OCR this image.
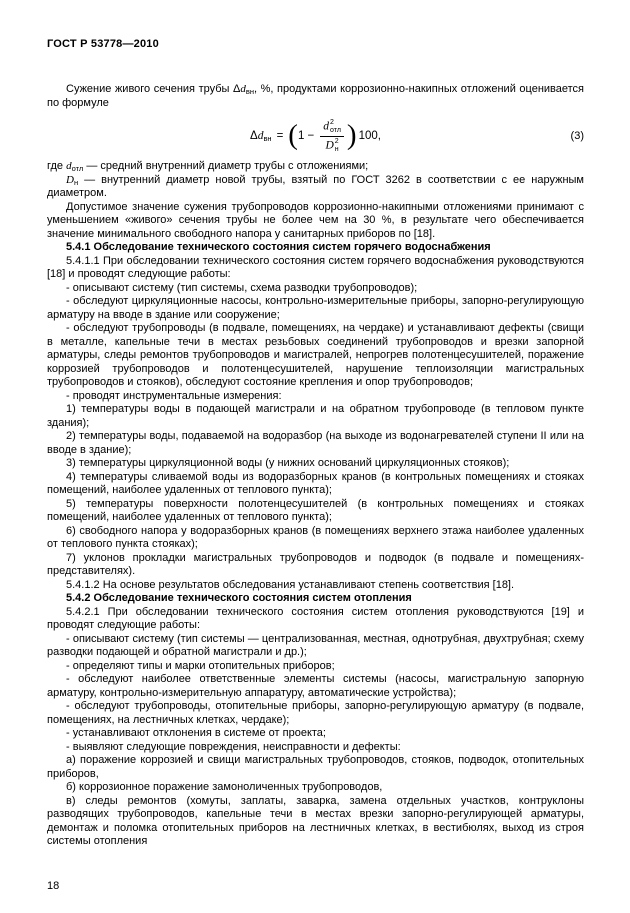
ГОСТ Р 53778—2010

Сужение живого сечения трубы $\Delta d_{вн}$, %, продуктами коррозионно-накипных отложений оценивается по формуле

$\Delta d_{вн}$ = ( 1 − d 2
отл
D 2
н ) 100,	(3)

где $d_{отл}$ — средний внутренний диаметр трубы с отложениями;

$D_н$ — внутренний диаметр новой трубы, взятый по ГОСТ 3262 в соответствии с ее наружным диаметром.

Допустимое значение сужения трубопроводов коррозионно-накипными отложениями принимают с уменьшением «живого» сечения трубы не более чем на 30 %, в результате чего обеспечивается значение минимального свободного напора у санитарных приборов по [18].

5.4.1 Обследование технического состояния систем горячего водоснабжения

5.4.1.1 При обследовании технического состояния систем горячего водоснабжения руководствуются [18] и проводят следующие работы:

- описывают систему (тип системы, схема разводки трубопроводов);

- обследуют циркуляционные насосы, контрольно-измерительные приборы, запорно-регулирующую арматуру на вводе в здание или сооружение;

- обследуют трубопроводы (в подвале, помещениях, на чердаке) и устанавливают дефекты (свищи в металле, капельные течи в местах резьбовых соединений трубопроводов и врезки запорной арматуры, следы ремонтов трубопроводов и магистралей, непрогрев полотенцесушителей, поражение коррозией трубопроводов и полотенцесушителей, нарушение теплоизоляции магистральных трубопроводов и стояков), обследуют состояние крепления и опор трубопроводов;

- проводят инструментальные измерения:

1) температуры воды в подающей магистрали и на обратном трубопроводе (в тепловом пункте здания);

2) температуры воды, подаваемой на водоразбор (на выходе из водонагревателей ступени II или на вводе в здание);

3) температуры циркуляционной воды (у нижних оснований циркуляционных стояков);

4) температуры сливаемой воды из водоразборных кранов (в контрольных помещениях и стояках помещений, наиболее удаленных от теплового пункта);

5) температуры поверхности полотенцесушителей (в контрольных помещениях и стояках помещений, наиболее удаленных от теплового пункта);

6) свободного напора у водоразборных кранов (в помещениях верхнего этажа наиболее удаленных от теплового пункта стояках);

7) уклонов прокладки магистральных трубопроводов и подводок (в подвале и помещениях-представителях).

5.4.1.2 На основе результатов обследования устанавливают степень соответствия [18].

5.4.2 Обследование технического состояния систем отопления

5.4.2.1 При обследовании технического состояния систем отопления руководствуются [19] и проводят следующие работы:

- описывают систему (тип системы — централизованная, местная, однотрубная, двухтрубная; схему разводки подающей и обратной магистрали и др.);

- определяют типы и марки отопительных приборов;

- обследуют наиболее ответственные элементы системы (насосы, магистральную запорную арматуру, контрольно-измерительную аппаратуру, автоматические устройства);

- обследуют трубопроводы, отопительные приборы, запорно-регулирующую арматуру (в подвале, помещениях, на лестничных клетках, чердаке);

- устанавливают отклонения в системе от проекта;

- выявляют следующие повреждения, неисправности и дефекты:

а) поражение коррозией и свищи магистральных трубопроводов, стояков, подводок, отопительных приборов,

б) коррозионное поражение замоноличенных трубопроводов,

в) следы ремонтов (хомуты, заплаты, заварка, замена отдельных участков, контруклоны разводящих трубопроводов, капельные течи в местах врезки запорно-регулирующей арматуры, демонтаж и поломка отопительных приборов на лестничных клетках, в вестибюлях, выход из строя системы отопления

18
